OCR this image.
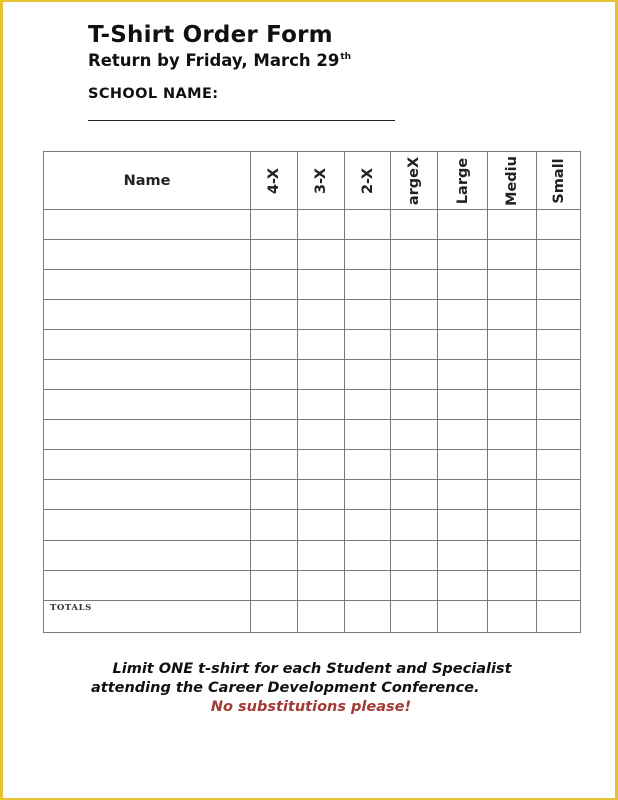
T-Shirt Order Form
Return by Friday, March 29th
SCHOOL NAME:
Name	4-X	3-X	2-X	argeX	Large	Mediu	Small

TOTALS							
Limit ONE t-shirt for each Student and Specialist
attending the Career Development Conference.
No substitutions please!
